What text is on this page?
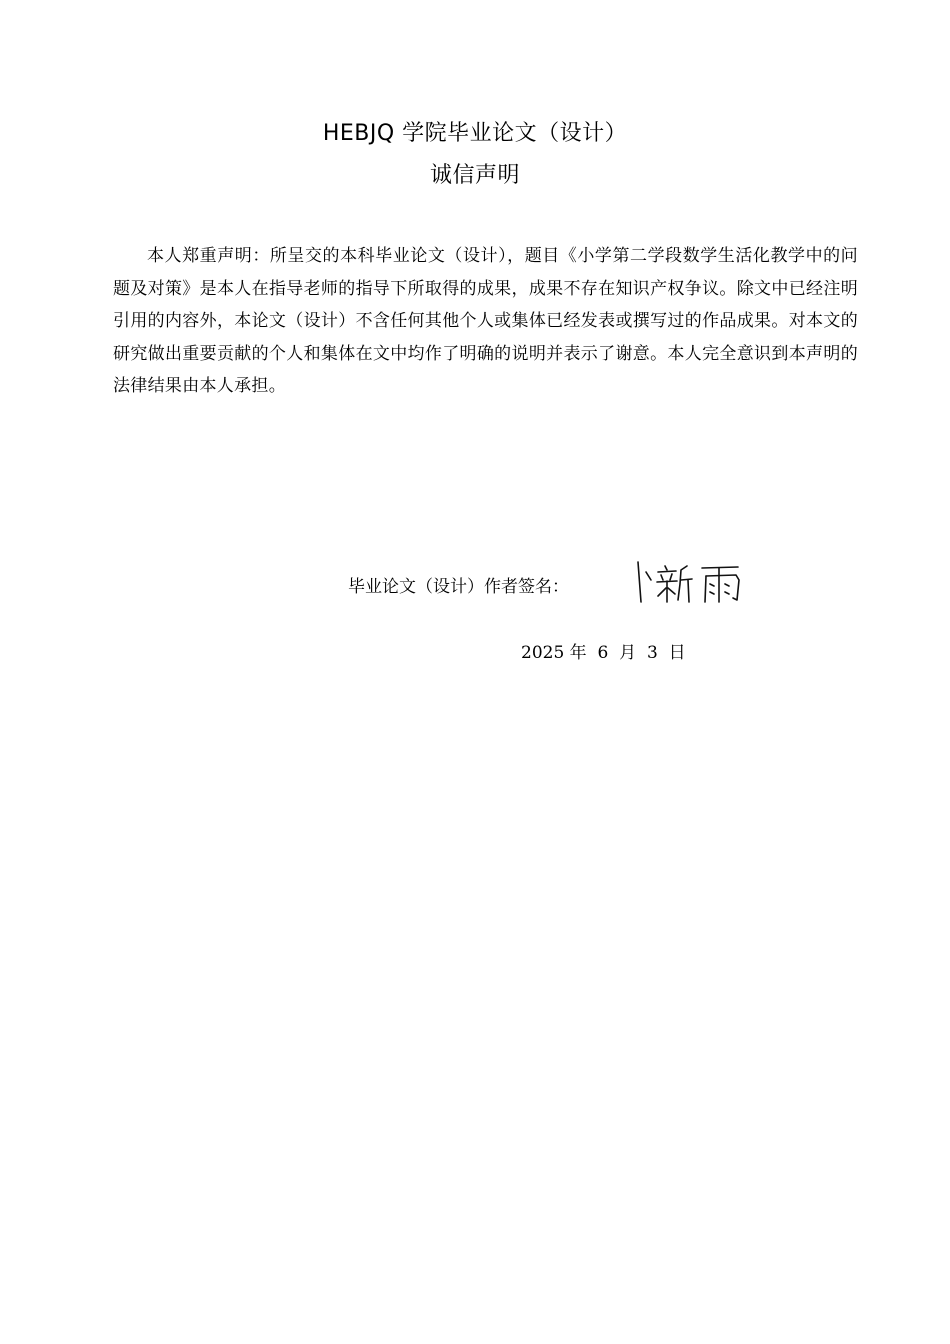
HEBJQ 学院毕业论文（设计）
诚信声明
本人郑重声明：所呈交的本科毕业论文（设计），题目《小学第二学段数学生活化教学中的问题及对策》是本人在指导老师的指导下所取得的成果，成果不存在知识产权争议。除文中已经注明引用的内容外，本论文（设计）不含任何其他个人或集体已经发表或撰写过的作品成果。对本文的研究做出重要贡献的个人和集体在文中均作了明确的说明并表示了谢意。本人完全意识到本声明的法律结果由本人承担。
毕业论文（设计）作者签名：
2025 年 6 月 3 日
